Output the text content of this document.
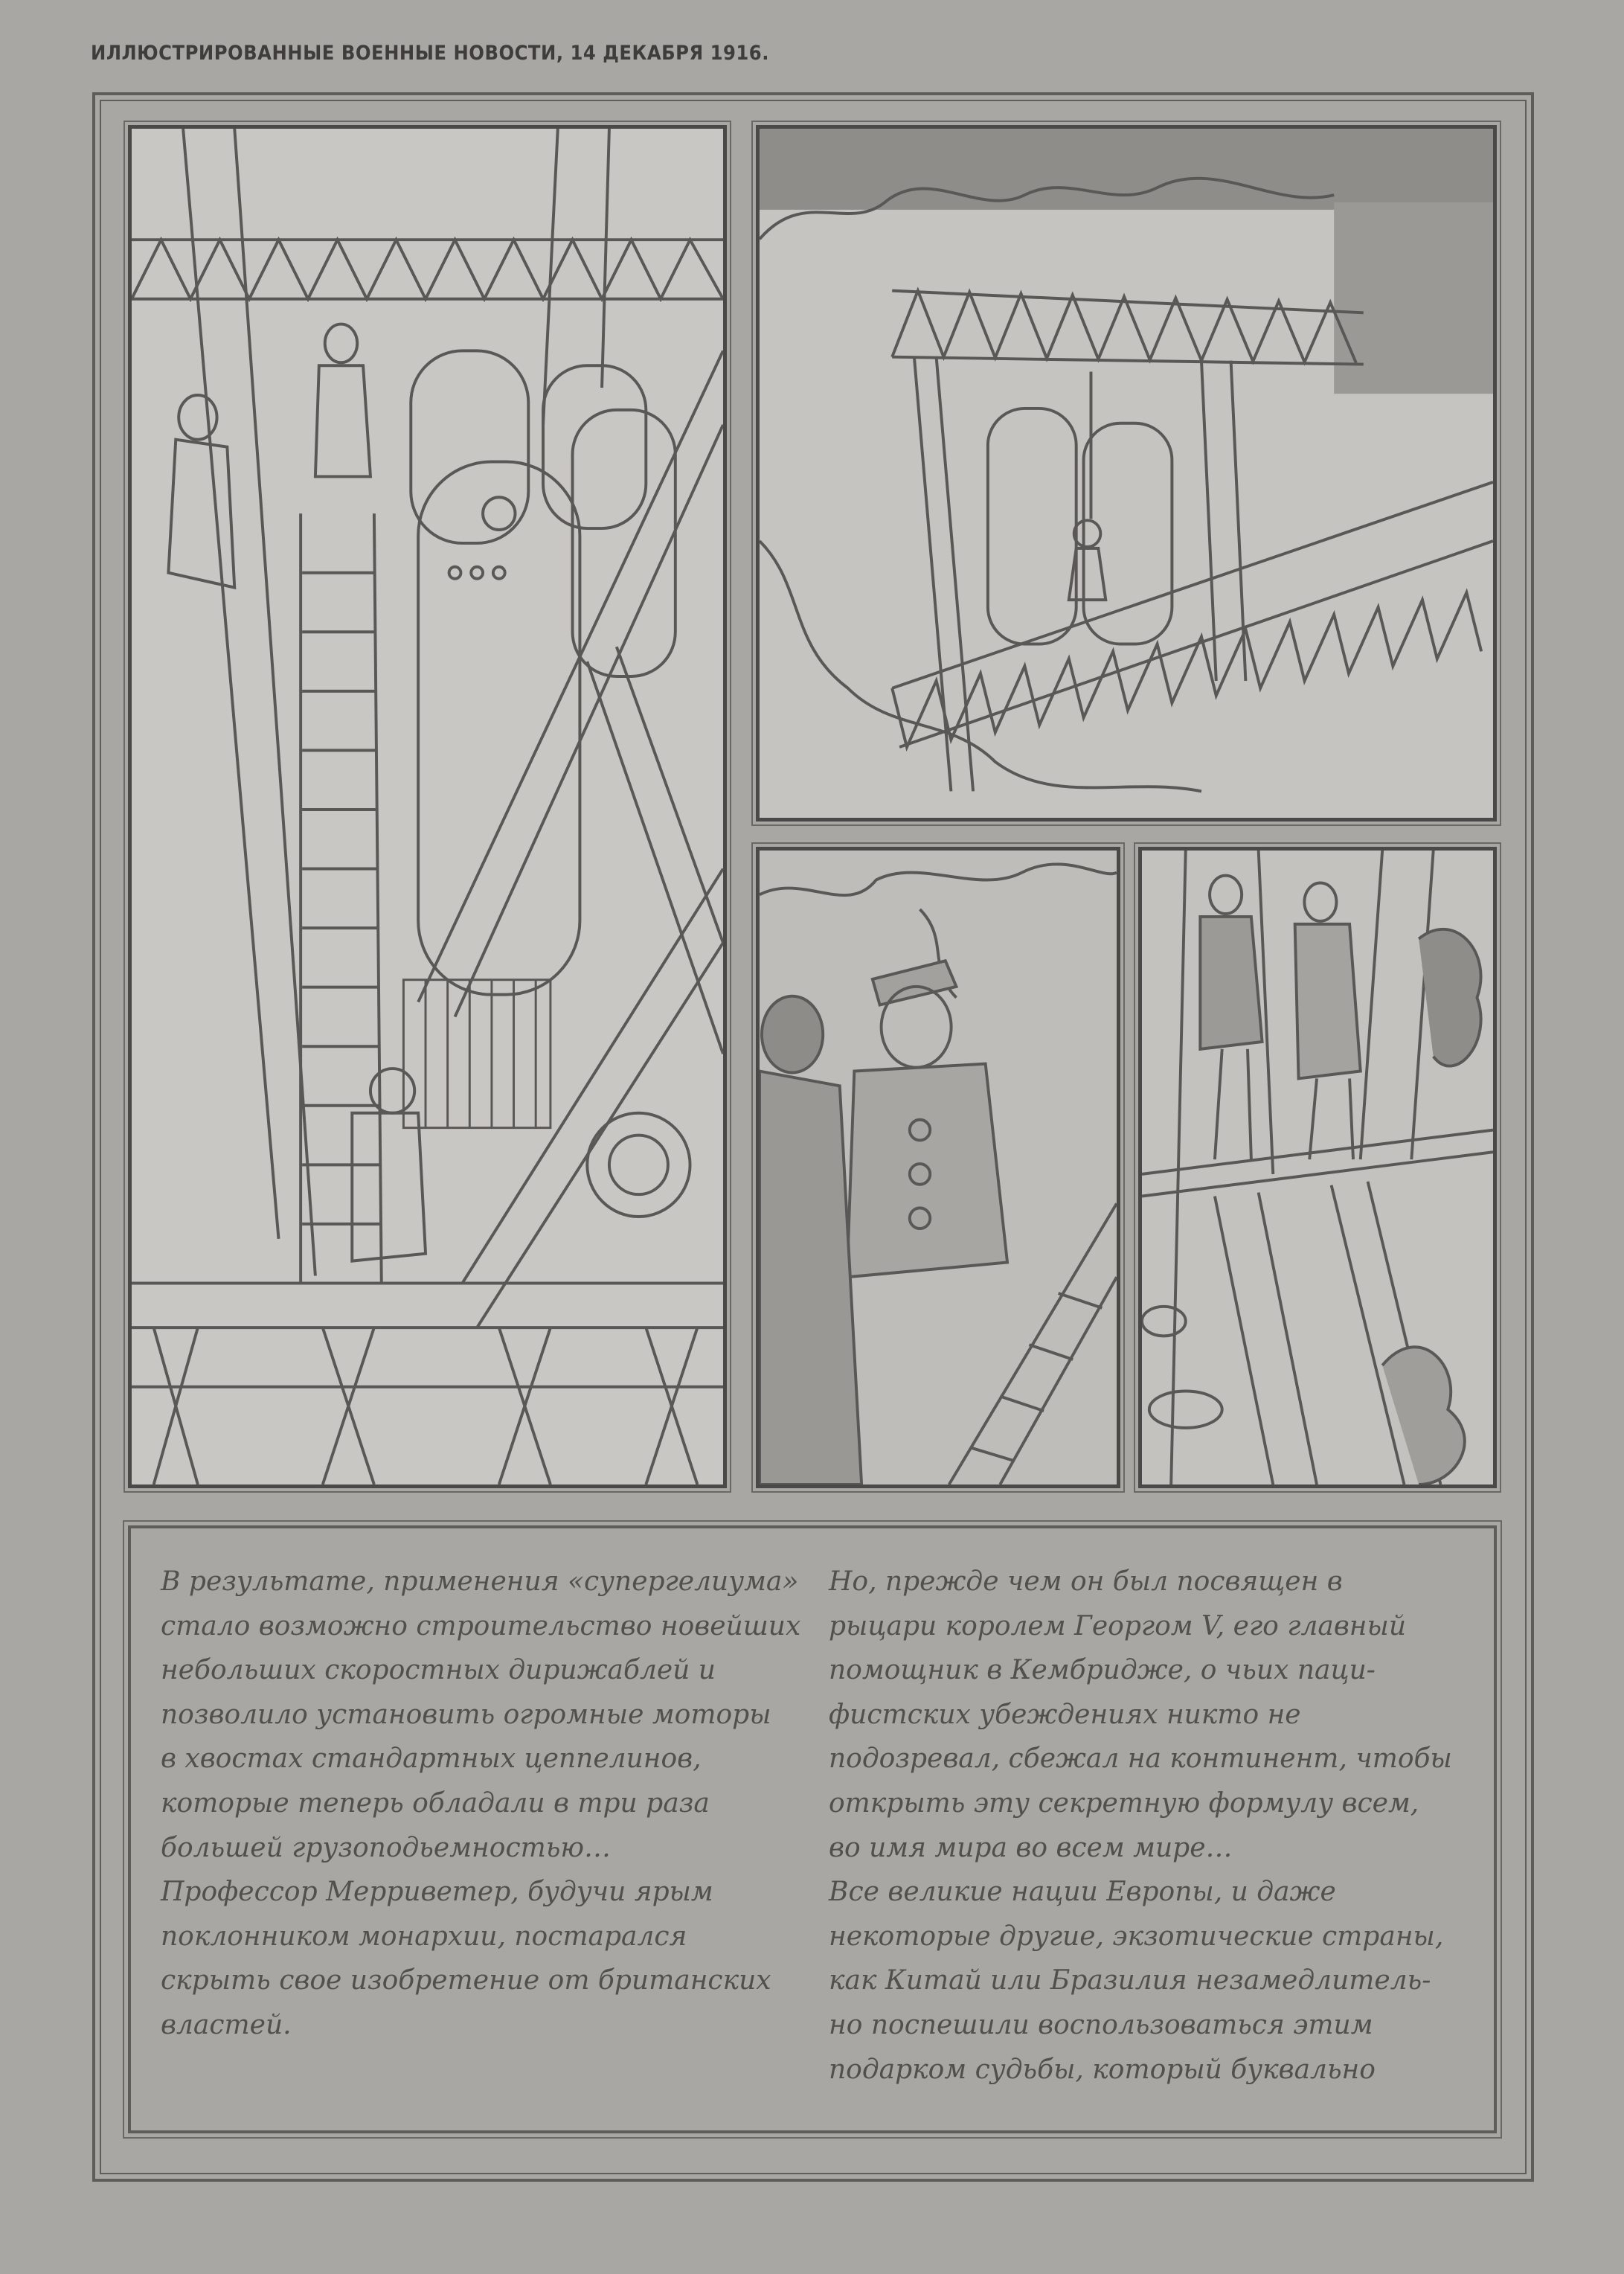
ИЛЛЮСТРИРОВАННЫЕ ВОЕННЫЕ НОВОСТИ, 14 ДЕКАБРЯ 1916.

В результате, применения «супергелиума»

стало возможно строительство новейших

небольших скоростных дирижаблей и

позволило установить огромные моторы

в хвостах стандартных цеппелинов,

которые теперь обладали в три раза

большей грузоподьемностью…

Профессор Мерриветер, будучи ярым

поклонником монархии, постарался

скрыть свое изобретение от британских

властей.

Но, прежде чем он был посвящен в

рыцари королем Георгом V, его главный

помощник в Кембридже, о чьих паци-

фистских убеждениях никто не

подозревал, сбежал на континент, чтобы

открыть эту секретную формулу всем,

во имя мира во всем мире…

Все великие нации Европы, и даже

некоторые другие, экзотические страны,

как Китай или Бразилия незамедлитель-

но поспешили воспользоваться этим

подарком судьбы, который буквально
